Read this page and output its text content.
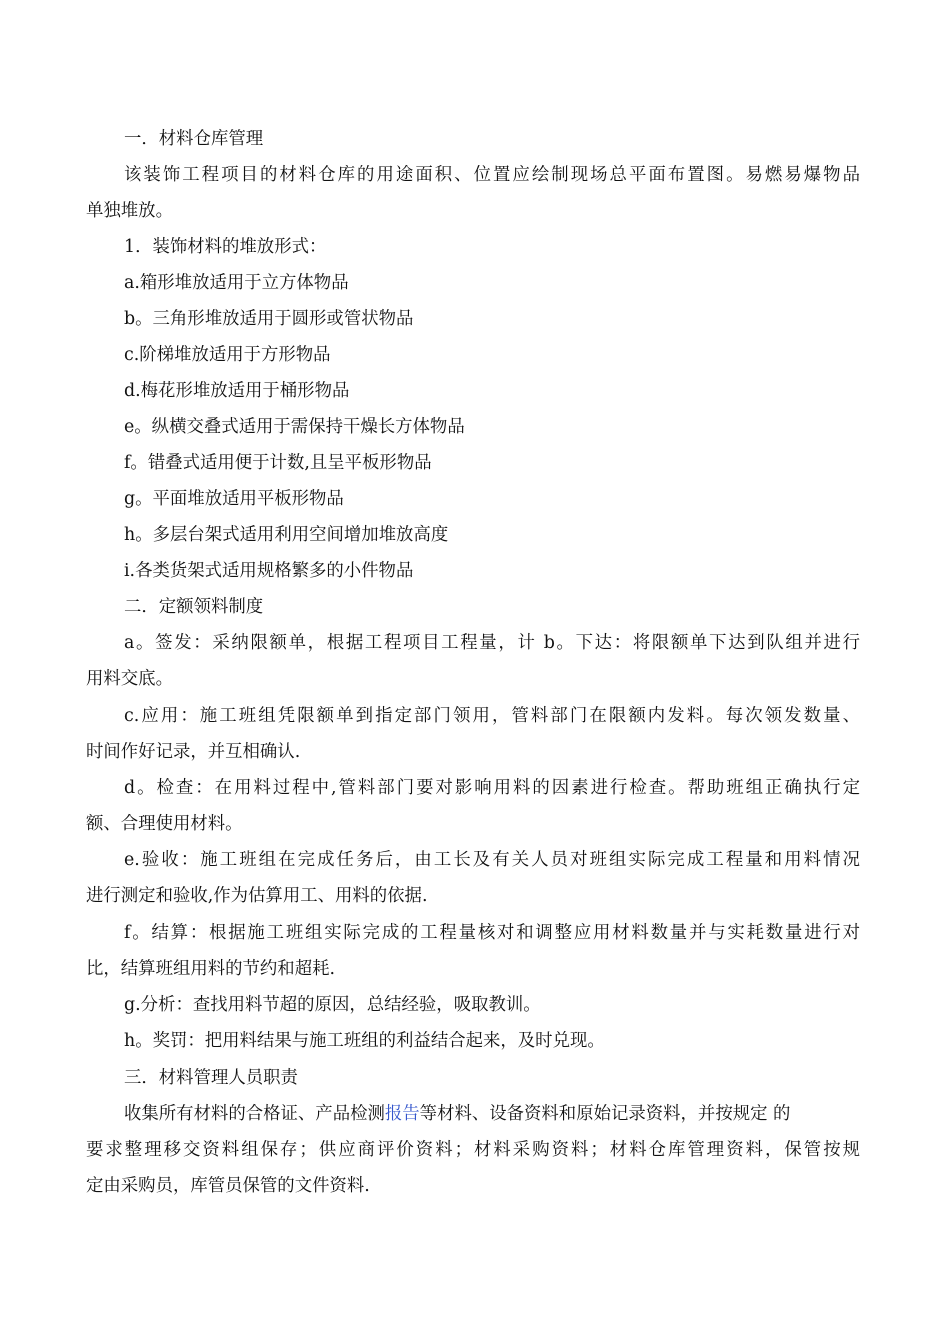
一．材料仓库管理
该装饰工程项目的材料仓库的用途面积、位置应绘制现场总平面布置图。易燃易爆物品
单独堆放。
1．装饰材料的堆放形式：
a.箱形堆放适用于立方体物品
b。三角形堆放适用于圆形或管状物品
c.阶梯堆放适用于方形物品
d.梅花形堆放适用于桶形物品
e。纵横交叠式适用于需保持干燥长方体物品
f。错叠式适用便于计数,且呈平板形物品
g。平面堆放适用平板形物品
h。多层台架式适用利用空间增加堆放高度
i.各类货架式适用规格繁多的小件物品
二．定额领料制度
a。签发：采纳限额单，根据工程项目工程量，计 b。下达：将限额单下达到队组并进行
用料交底。
c.应用：施工班组凭限额单到指定部门领用，管料部门在限额内发料。每次领发数量、
时间作好记录，并互相确认.
d。检查：在用料过程中,管料部门要对影响用料的因素进行检查。帮助班组正确执行定
额、合理使用材料。
e.验收：施工班组在完成任务后，由工长及有关人员对班组实际完成工程量和用料情况
进行测定和验收,作为估算用工、用料的依据.
f。结算：根据施工班组实际完成的工程量核对和调整应用材料数量并与实耗数量进行对
比，结算班组用料的节约和超耗.
g.分析：查找用料节超的原因，总结经验，吸取教训。
h。奖罚：把用料结果与施工班组的利益结合起来，及时兑现。
三．材料管理人员职责
收集所有材料的合格证、产品检测报告等材料、设备资料和原始记录资料，并按规定 的
要求整理移交资料组保存；供应商评价资料；材料采购资料；材料仓库管理资料，保管按规
定由采购员，库管员保管的文件资料.
